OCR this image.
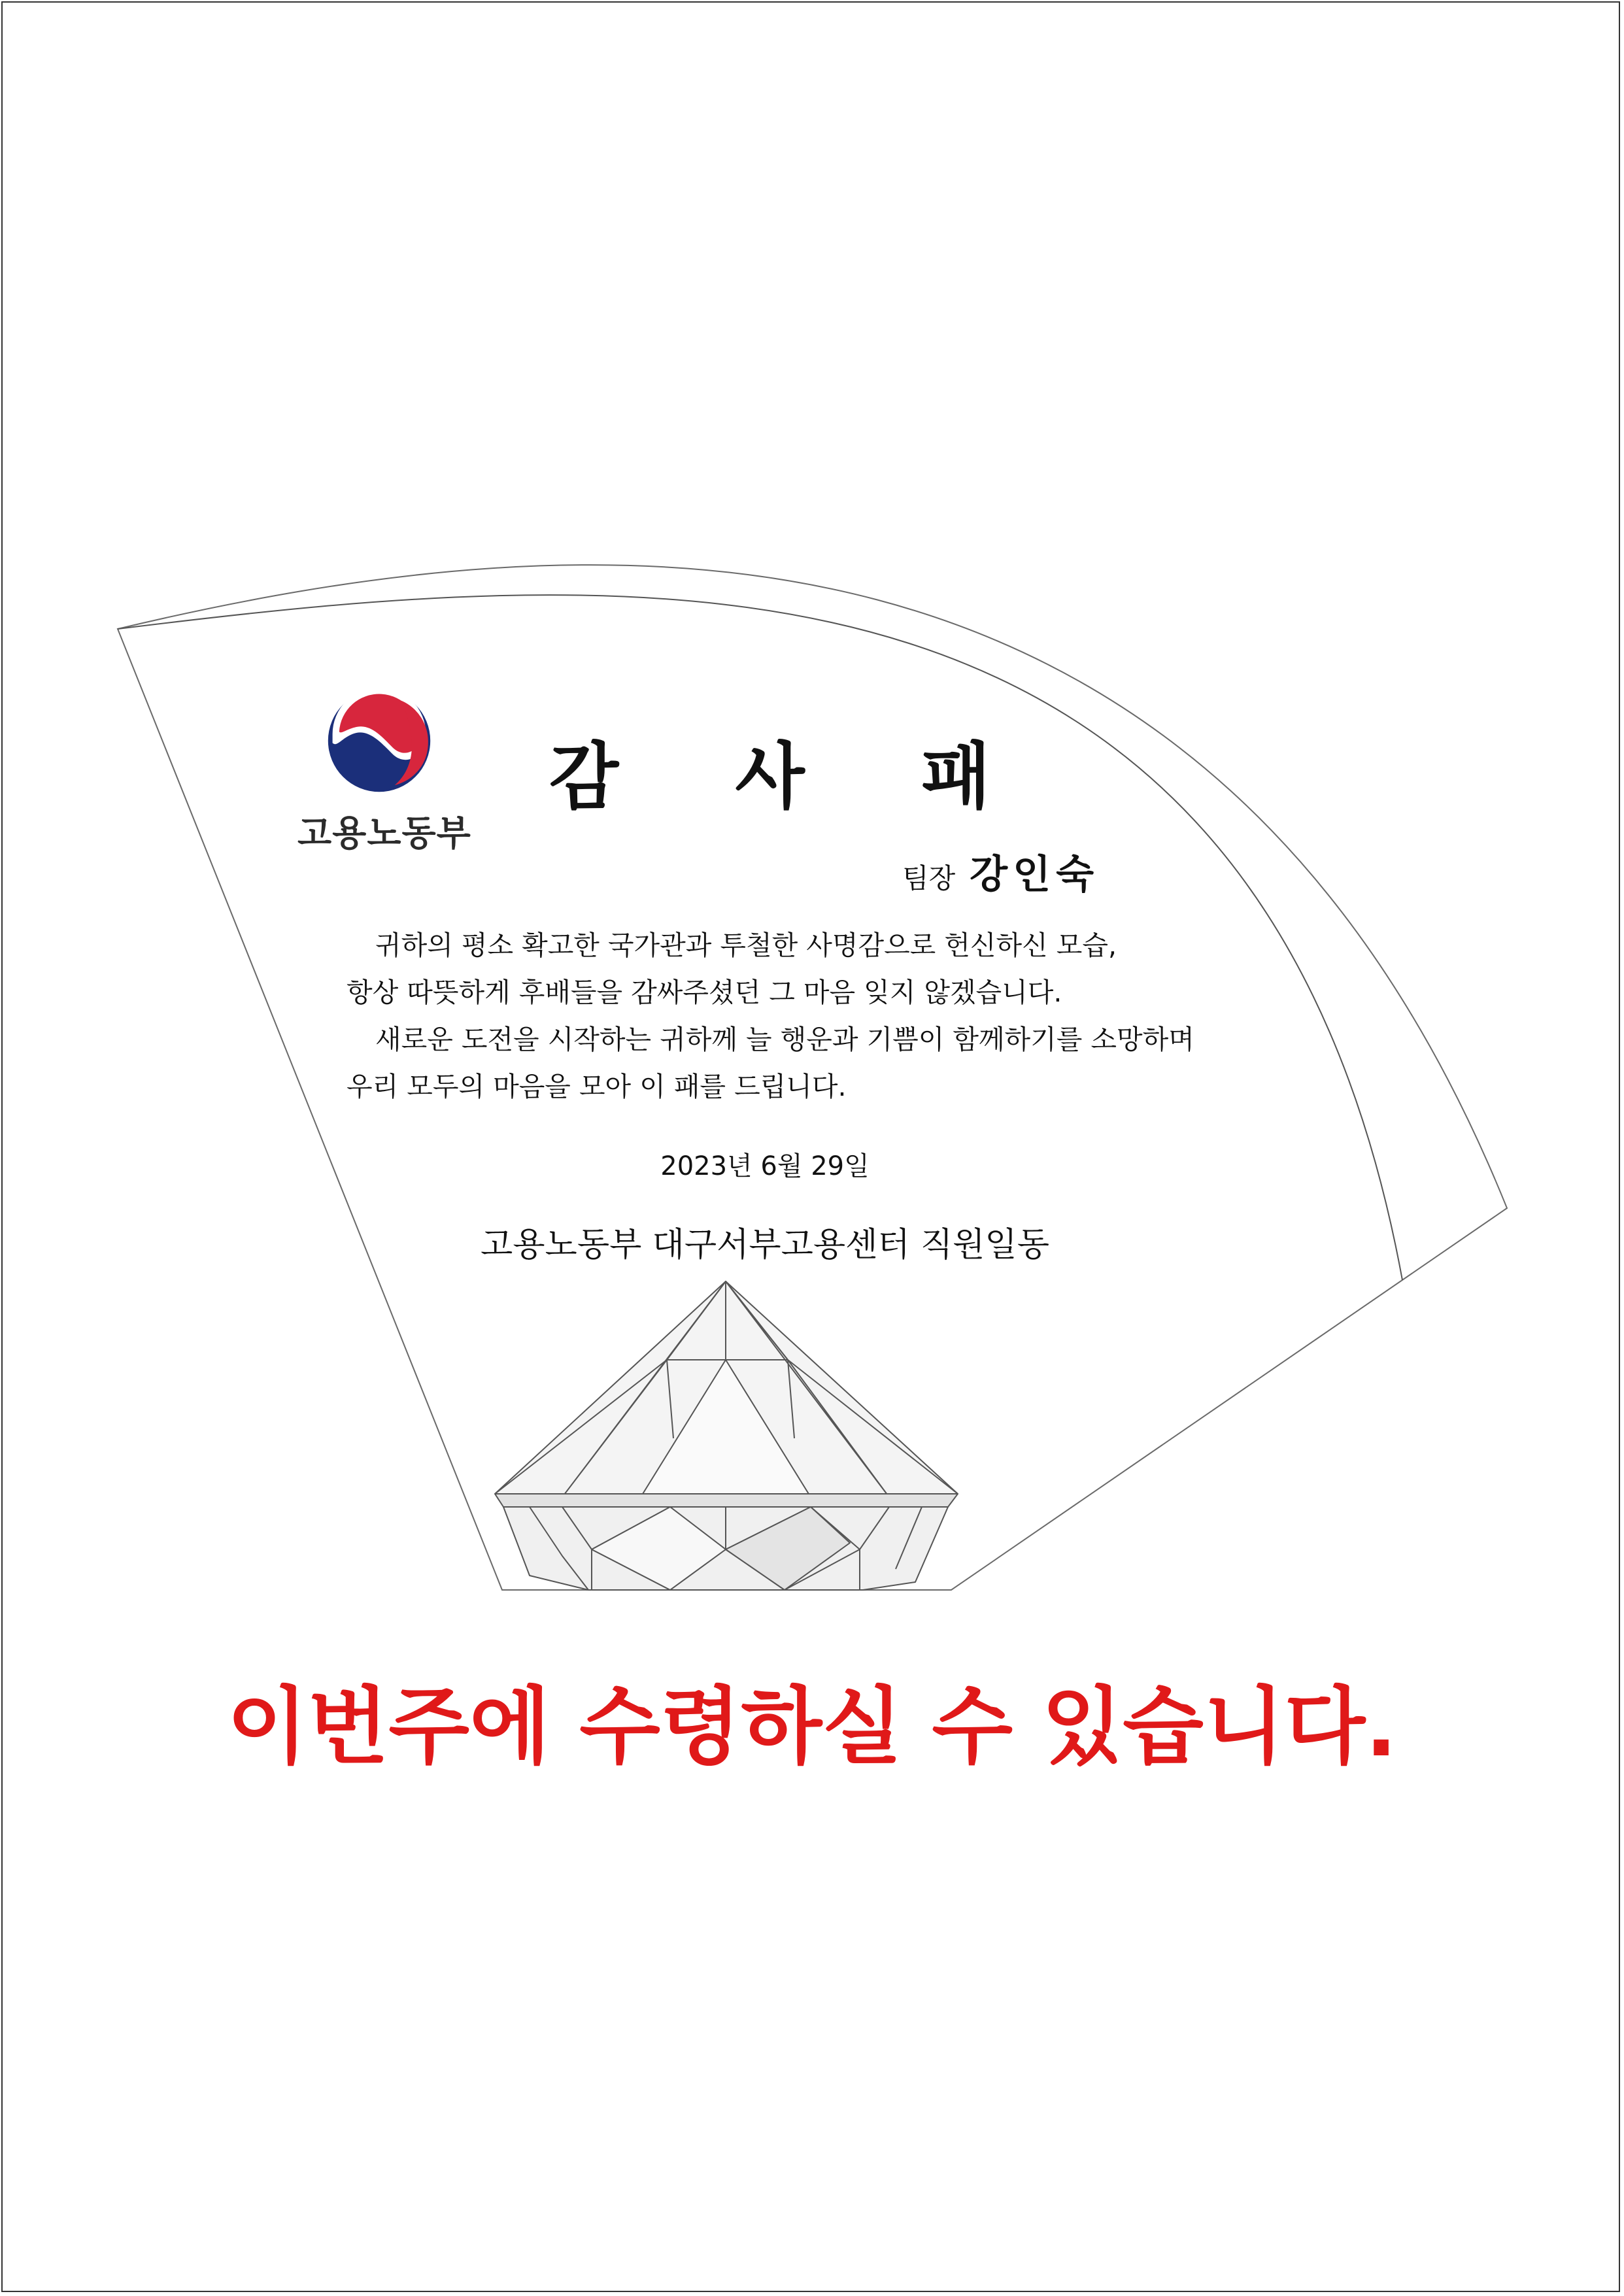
고용노동부
감 사 패
팀장 강인숙
귀하의 평소 확고한 국가관과 투철한 사명감으로 헌신하신 모습,
항상 따뜻하게 후배들을 감싸주셨던 그 마음 잊지 않겠습니다.
새로운 도전을 시작하는 귀하께 늘 행운과 기쁨이 함께하기를 소망하며
우리 모두의 마음을 모아 이 패를 드립니다.
2023년 6월 29일
고용노동부 대구서부고용센터 직원일동
이번주에 수령하실 수 있습니다.
